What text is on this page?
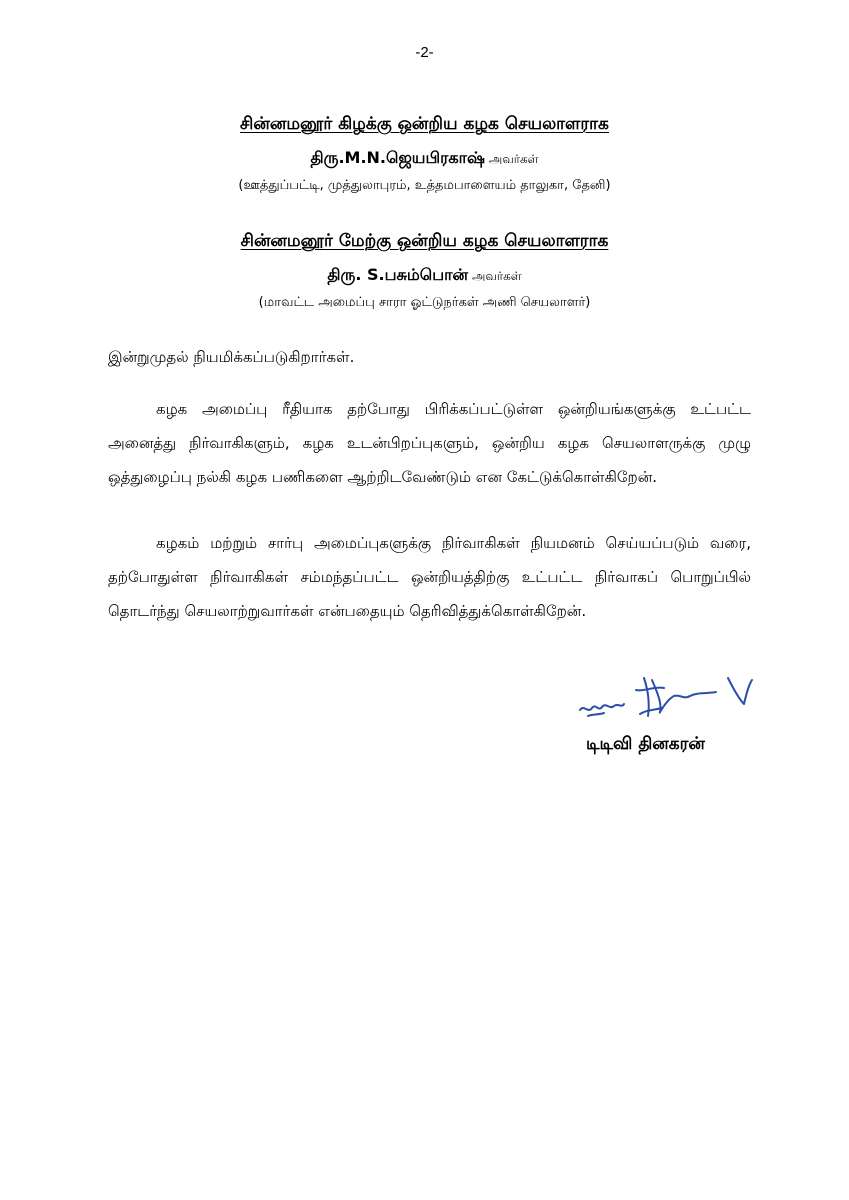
-2-
சின்னமனூர் கிழக்கு ஒன்றிய கழக செயலாளராக
திரு.M.N.ஜெயபிரகாஷ் அவர்கள்
(ஊத்துப்பட்டி, முத்துலாபுரம், உத்தமபாளையம் தாலுகா, தேனி)
சின்னமனூர் மேற்கு ஒன்றிய கழக செயலாளராக
திரு. S.பசும்பொன் அவர்கள்
(மாவட்ட அமைப்பு சாரா ஓட்டுநர்கள் அணி செயலாளர்)
இன்றுமுதல் நியமிக்கப்படுகிறார்கள்.
கழக அமைப்பு ரீதியாக தற்போது பிரிக்கப்பட்டுள்ள ஒன்றியங்களுக்கு உட்பட்ட அனைத்து நிர்வாகிகளும், கழக உடன்பிறப்புகளும், ஒன்றிய கழக செயலாளருக்கு முழு ஒத்துழைப்பு நல்கி கழக பணிகளை ஆற்றிடவேண்டும் என கேட்டுக்கொள்கிறேன்.
கழகம் மற்றும் சார்பு அமைப்புகளுக்கு நிர்வாகிகள் நியமனம் செய்யப்படும் வரை, தற்போதுள்ள நிர்வாகிகள் சம்மந்தப்பட்ட ஒன்றியத்திற்கு உட்பட்ட நிர்வாகப் பொறுப்பில் தொடர்ந்து செயலாற்றுவார்கள் என்பதையும் தெரிவித்துக்கொள்கிறேன்.
டிடிவி தினகரன்
